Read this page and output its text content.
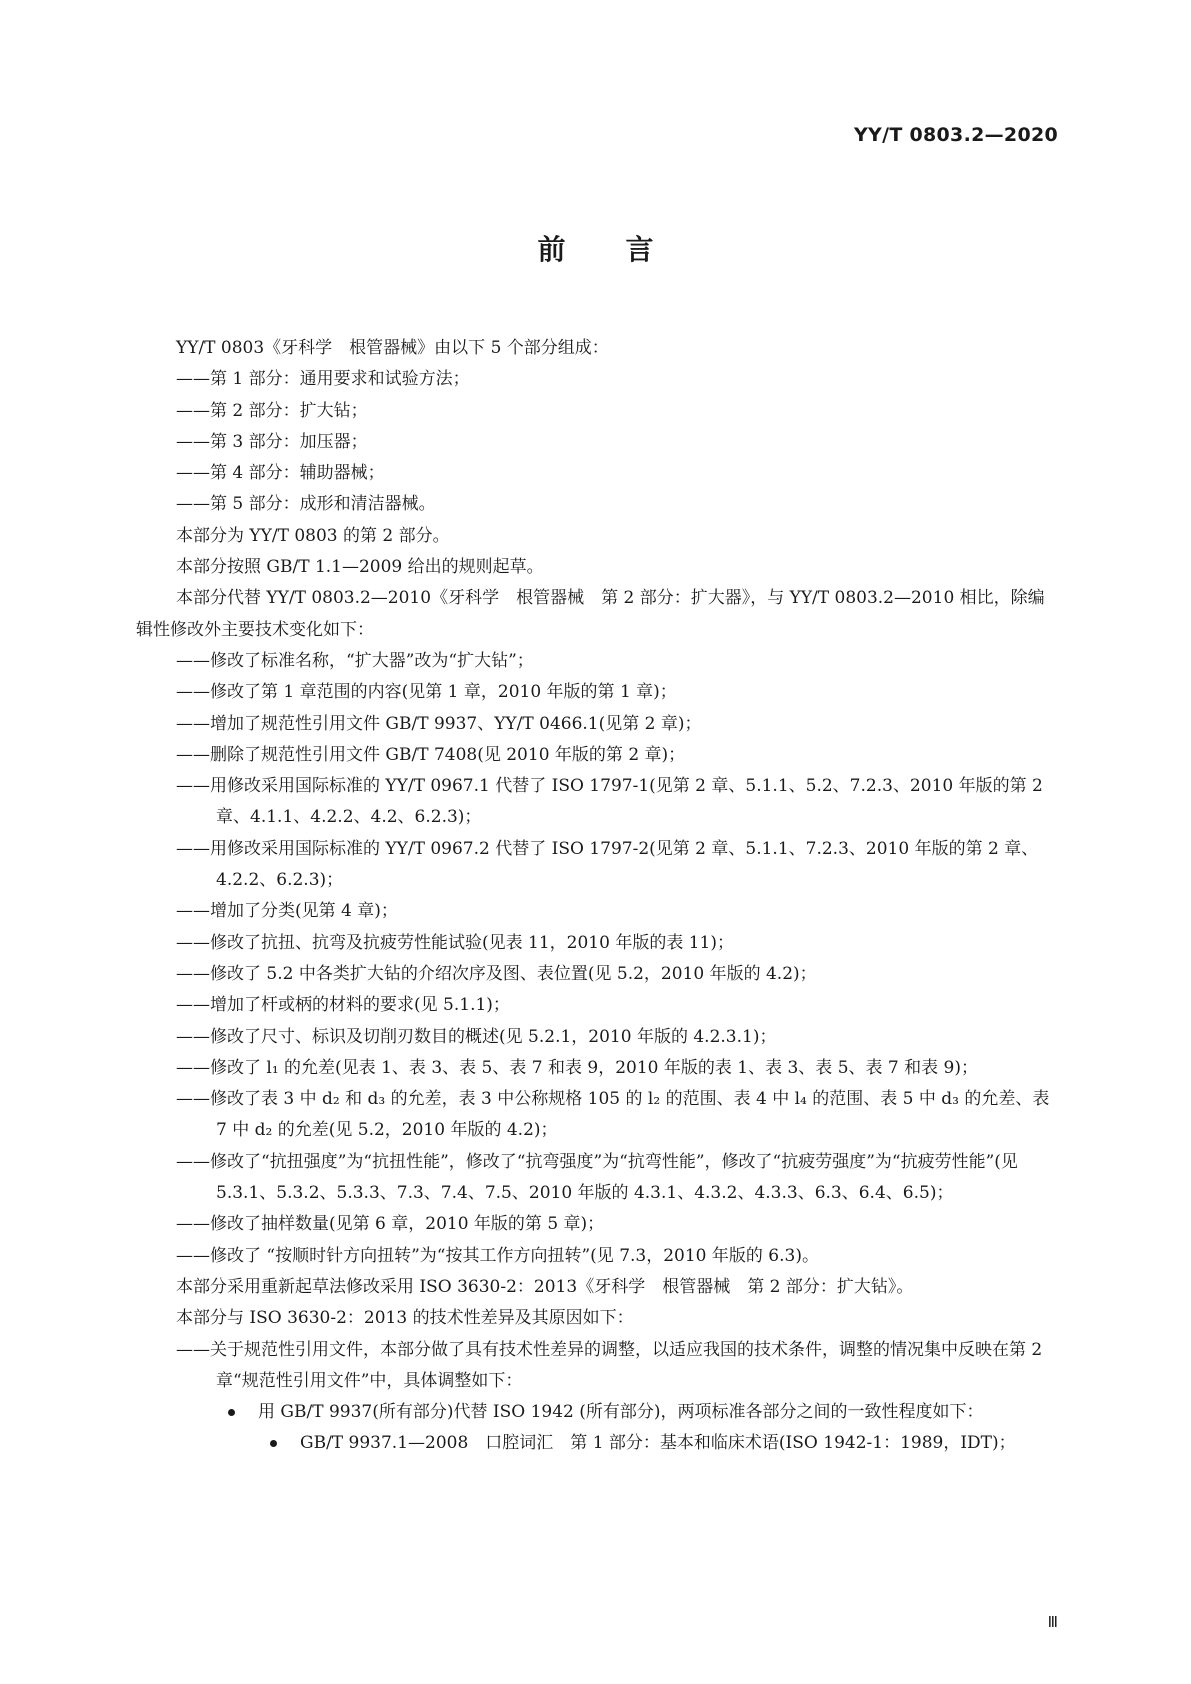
YY/T 0803.2—2020
前言
YY/T 0803《牙科学　根管器械》由以下 5 个部分组成：
——第 1 部分：通用要求和试验方法；
——第 2 部分：扩大钻；
——第 3 部分：加压器；
——第 4 部分：辅助器械；
——第 5 部分：成形和清洁器械。
本部分为 YY/T 0803 的第 2 部分。
本部分按照 GB/T 1.1—2009 给出的规则起草。
本部分代替 YY/T 0803.2—2010《牙科学　根管器械　第 2 部分：扩大器》，与 YY/T 0803.2—2010 相比，除编辑性修改外主要技术变化如下：
——修改了标准名称，“扩大器”改为“扩大钻”；
——修改了第 1 章范围的内容(见第 1 章，2010 年版的第 1 章)；
——增加了规范性引用文件 GB/T 9937、YY/T 0466.1(见第 2 章)；
——删除了规范性引用文件 GB/T 7408(见 2010 年版的第 2 章)；
——用修改采用国际标准的 YY/T 0967.1 代替了 ISO 1797-1(见第 2 章、5.1.1、5.2、7.2.3、2010 年版的第 2 章、4.1.1、4.2.2、4.2、6.2.3)；
——用修改采用国际标准的 YY/T 0967.2 代替了 ISO 1797-2(见第 2 章、5.1.1、7.2.3、2010 年版的第 2 章、4.2.2、6.2.3)；
——增加了分类(见第 4 章)；
——修改了抗扭、抗弯及抗疲劳性能试验(见表 11，2010 年版的表 11)；
——修改了 5.2 中各类扩大钻的介绍次序及图、表位置(见 5.2，2010 年版的 4.2)；
——增加了杆或柄的材料的要求(见 5.1.1)；
——修改了尺寸、标识及切削刃数目的概述(见 5.2.1，2010 年版的 4.2.3.1)；
——修改了 l₁ 的允差(见表 1、表 3、表 5、表 7 和表 9，2010 年版的表 1、表 3、表 5、表 7 和表 9)；
——修改了表 3 中 d₂ 和 d₃ 的允差，表 3 中公称规格 105 的 l₂ 的范围、表 4 中 l₄ 的范围、表 5 中 d₃ 的允差、表 7 中 d₂ 的允差(见 5.2，2010 年版的 4.2)；
——修改了“抗扭强度”为“抗扭性能”，修改了“抗弯强度”为“抗弯性能”，修改了“抗疲劳强度”为“抗疲劳性能”(见 5.3.1、5.3.2、5.3.3、7.3、7.4、7.5、2010 年版的 4.3.1、4.3.2、4.3.3、6.3、6.4、6.5)；
——修改了抽样数量(见第 6 章，2010 年版的第 5 章)；
——修改了 “按顺时针方向扭转”为“按其工作方向扭转”(见 7.3，2010 年版的 6.3)。
本部分采用重新起草法修改采用 ISO 3630-2：2013《牙科学　根管器械　第 2 部分：扩大钻》。
本部分与 ISO 3630-2：2013 的技术性差异及其原因如下：
——关于规范性引用文件，本部分做了具有技术性差异的调整，以适应我国的技术条件，调整的情况集中反映在第 2 章“规范性引用文件”中，具体调整如下：
用 GB/T 9937(所有部分)代替 ISO 1942 (所有部分)，两项标准各部分之间的一致性程度如下：
GB/T 9937.1—2008　口腔词汇　第 1 部分：基本和临床术语(ISO 1942-1：1989，IDT)；
Ⅲ
